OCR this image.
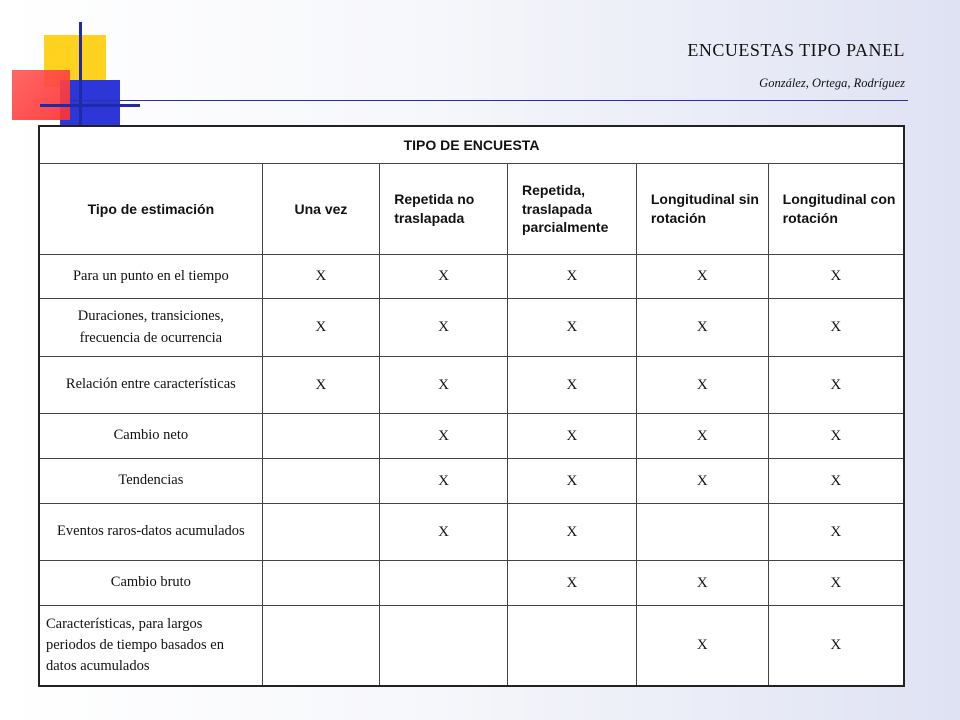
ENCUESTAS TIPO PANEL
González, Ortega, Rodríguez
TIPO DE ENCUESTA					
Tipo de estimación	Una vez	Repetida no traslapada	Repetida, traslapada parcialmente	Longitudinal sin rotación	Longitudinal con rotación
Para un punto en el tiempo	X	X	X	X	X
Duraciones, transiciones, frecuencia de ocurrencia	X	X	X	X	X
Relación entre características	X	X	X	X	X
Cambio neto		X	X	X	X
Tendencias		X	X	X	X
Eventos raros-datos acumulados		X	X		X
Cambio bruto			X	X	X
Características, para largos periodos de tiempo basados en datos acumulados				X	X
